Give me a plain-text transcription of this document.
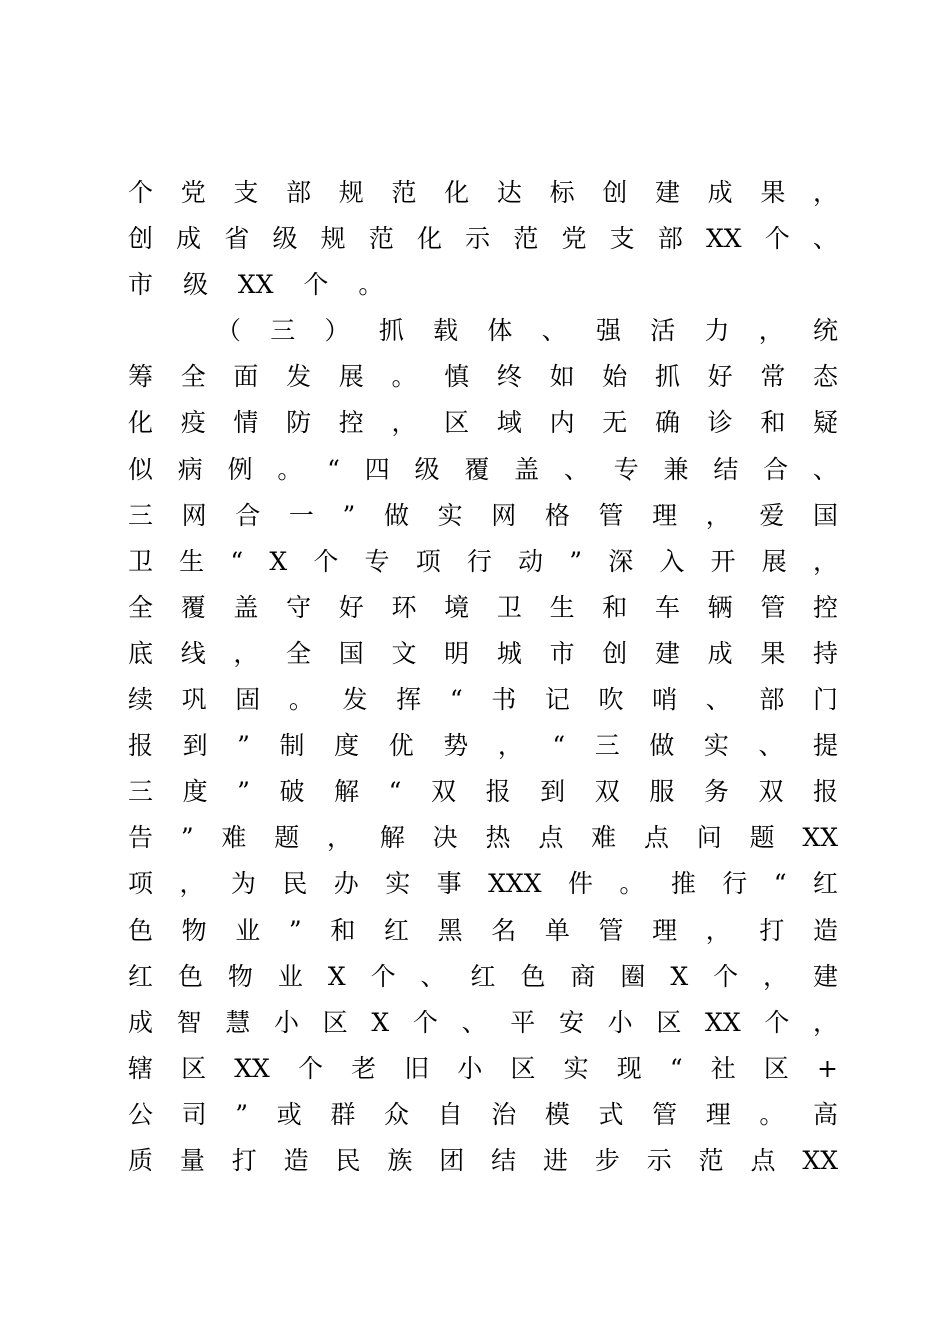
个 党 支 部 规 范 化 达 标 创 建 成 果 ，
创 成 省 级 规 范 化 示 范 党 支 部 XX 个 、
市 级 XX 个 。
（ 三 ） 抓 载 体 、 强 活 力 ， 统
筹 全 面 发 展 。 慎 终 如 始 抓 好 常 态
化 疫 情 防 控 ， 区 域 内 无 确 诊 和 疑
似 病 例 。 “ 四 级 覆 盖 、 专 兼 结 合 、
三 网 合 一 ” 做 实 网 格 管 理 ， 爱 国
卫 生 “ X 个 专 项 行 动 ” 深 入 开 展 ，
全 覆 盖 守 好 环 境 卫 生 和 车 辆 管 控
底 线 ， 全 国 文 明 城 市 创 建 成 果 持
续 巩 固 。 发 挥 “ 书 记 吹 哨 、 部 门
报 到 ” 制 度 优 势 ， “ 三 做 实 、 提
三 度 ” 破 解 “ 双 报 到 双 服 务 双 报
告 ” 难 题 ， 解 决 热 点 难 点 问 题 XX
项 ， 为 民 办 实 事 XXX 件 。 推 行 “ 红
色 物 业 ” 和 红 黑 名 单 管 理 ， 打 造
红 色 物 业 X 个 、 红 色 商 圈 X 个 ， 建
成 智 慧 小 区 X 个 、 平 安 小 区 XX 个 ，
辖 区 XX 个 老 旧 小 区 实 现 “ 社 区 +
公 司 ” 或 群 众 自 治 模 式 管 理 。 高
质 量 打 造 民 族 团 结 进 步 示 范 点 XX
